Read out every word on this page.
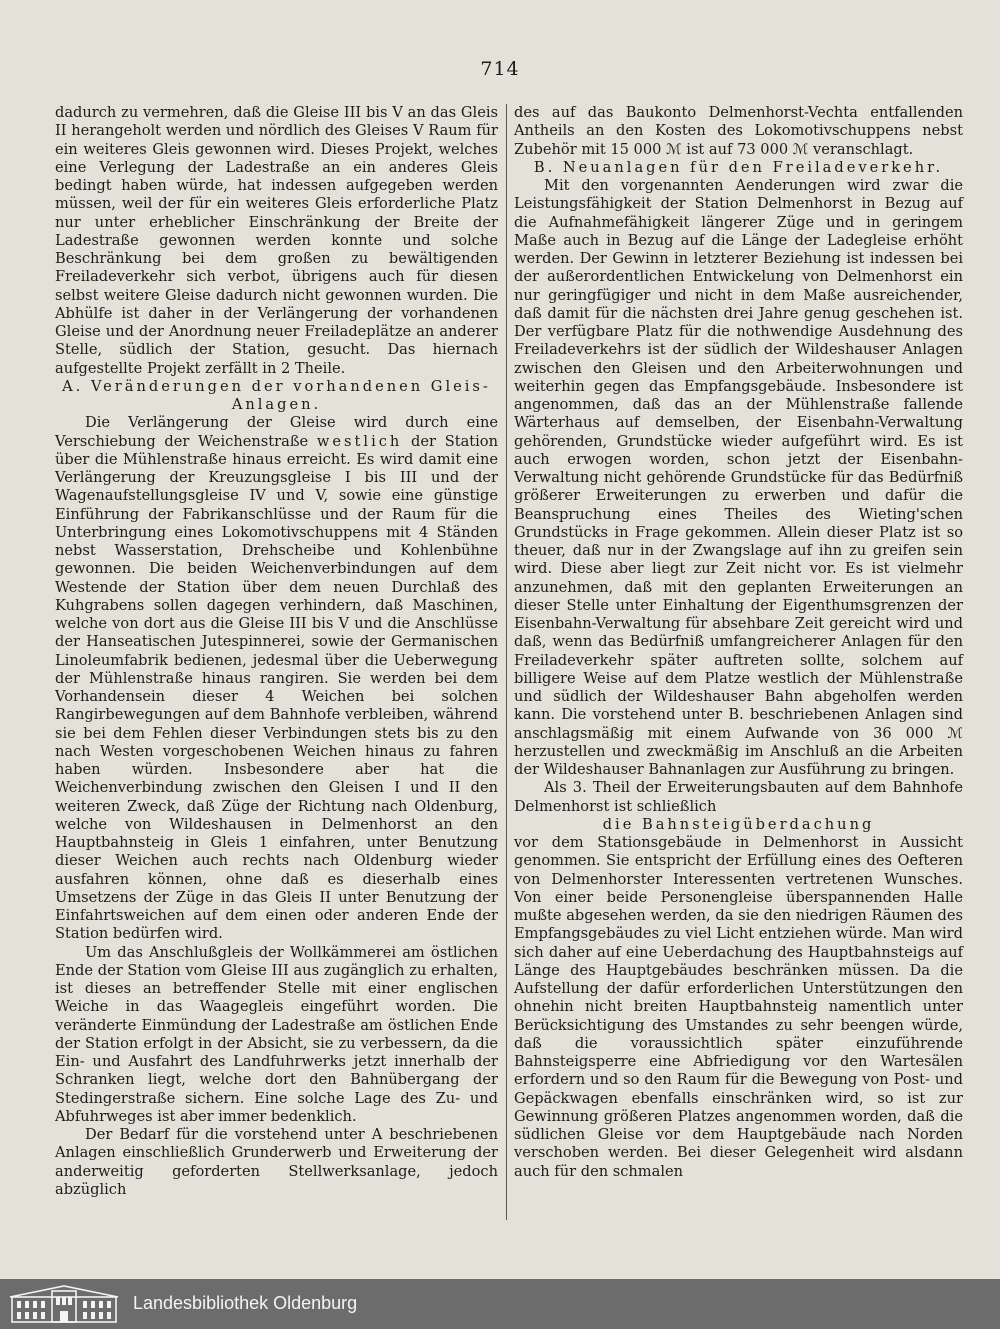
714

dadurch zu vermehren, daß die Gleise III bis V an das Gleis II herangeholt werden und nördlich des Gleises V Raum für ein weiteres Gleis gewonnen wird. Dieses Projekt, welches eine Verlegung der Ladestraße an ein anderes Gleis bedingt haben würde, hat indessen aufgegeben werden müssen, weil der für ein weiteres Gleis erforderliche Platz nur unter erheblicher Einschränkung der Breite der Ladestraße gewonnen werden konnte und solche Beschränkung bei dem großen zu bewältigenden Freiladeverkehr sich verbot, übrigens auch für diesen selbst weitere Gleise dadurch nicht gewonnen wurden. Die Abhülfe ist daher in der Verlängerung der vorhandenen Gleise und der Anordnung neuer Freiladeplätze an anderer Stelle, südlich der Station, gesucht. Das hiernach aufgestellte Projekt zerfällt in 2 Theile.

A. Veränderungen der vorhandenen Gleis-Anlagen.

Die Verlängerung der Gleise wird durch eine Verschiebung der Weichenstraße westlich der Station über die Mühlenstraße hinaus erreicht. Es wird damit eine Verlängerung der Kreuzungsgleise I bis III und der Wagenaufstellungsgleise IV und V, sowie eine günstige Einführung der Fabrikanschlüsse und der Raum für die Unterbringung eines Lokomotivschuppens mit 4 Ständen nebst Wasserstation, Drehscheibe und Kohlenbühne gewonnen. Die beiden Weichenverbindungen auf dem Westende der Station über dem neuen Durchlaß des Kuhgrabens sollen dagegen verhindern, daß Maschinen, welche von dort aus die Gleise III bis V und die Anschlüsse der Hanseatischen Jutespinnerei, sowie der Germanischen Linoleumfabrik bedienen, jedesmal über die Ueberwegung der Mühlenstraße hinaus rangiren. Sie werden bei dem Vorhandensein dieser 4 Weichen bei solchen Rangirbewegungen auf dem Bahnhofe verbleiben, während sie bei dem Fehlen dieser Verbindungen stets bis zu den nach Westen vorgeschobenen Weichen hinaus zu fahren haben würden. Insbesondere aber hat die Weichenverbindung zwischen den Gleisen I und II den weiteren Zweck, daß Züge der Richtung nach Oldenburg, welche von Wildeshausen in Delmenhorst an den Hauptbahnsteig in Gleis 1 einfahren, unter Benutzung dieser Weichen auch rechts nach Oldenburg wieder ausfahren können, ohne daß es dieserhalb eines Umsetzens der Züge in das Gleis II unter Benutzung der Einfahrtsweichen auf dem einen oder anderen Ende der Station bedürfen wird.

Um das Anschlußgleis der Wollkämmerei am östlichen Ende der Station vom Gleise III aus zugänglich zu erhalten, ist dieses an betreffender Stelle mit einer englischen Weiche in das Waagegleis eingeführt worden. Die veränderte Einmündung der Ladestraße am östlichen Ende der Station erfolgt in der Absicht, sie zu verbessern, da die Ein- und Ausfahrt des Landfuhrwerks jetzt innerhalb der Schranken liegt, welche dort den Bahnübergang der Stedingerstraße sichern. Eine solche Lage des Zu- und Abfuhrweges ist aber immer bedenklich.

Der Bedarf für die vorstehend unter A beschriebenen Anlagen einschließlich Grunderwerb und Erweiterung der anderweitig geforderten Stellwerksanlage, jedoch abzüglich

des auf das Baukonto Delmenhorst-Vechta entfallenden Antheils an den Kosten des Lokomotivschuppens nebst Zubehör mit 15 000 ℳ ist auf 73 000 ℳ veranschlagt.

B. Neuanlagen für den Freiladeverkehr.

Mit den vorgenannten Aenderungen wird zwar die Leistungsfähigkeit der Station Delmenhorst in Bezug auf die Aufnahmefähigkeit längerer Züge und in geringem Maße auch in Bezug auf die Länge der Ladegleise erhöht werden. Der Gewinn in letzterer Beziehung ist indessen bei der außerordentlichen Entwickelung von Delmenhorst ein nur geringfügiger und nicht in dem Maße ausreichender, daß damit für die nächsten drei Jahre genug geschehen ist. Der verfügbare Platz für die nothwendige Ausdehnung des Freiladeverkehrs ist der südlich der Wildeshauser Anlagen zwischen den Gleisen und den Arbeiterwohnungen und weiterhin gegen das Empfangsgebäude. Insbesondere ist angenommen, daß das an der Mühlenstraße fallende Wärterhaus auf demselben, der Eisenbahn-Verwaltung gehörenden, Grundstücke wieder aufgeführt wird. Es ist auch erwogen worden, schon jetzt der Eisenbahn-Verwaltung nicht gehörende Grundstücke für das Bedürfniß größerer Erweiterungen zu erwerben und dafür die Beanspruchung eines Theiles des Wieting'schen Grundstücks in Frage gekommen. Allein dieser Platz ist so theuer, daß nur in der Zwangslage auf ihn zu greifen sein wird. Diese aber liegt zur Zeit nicht vor. Es ist vielmehr anzunehmen, daß mit den geplanten Erweiterungen an dieser Stelle unter Einhaltung der Eigenthumsgrenzen der Eisenbahn-Verwaltung für absehbare Zeit gereicht wird und daß, wenn das Bedürfniß umfangreicherer Anlagen für den Freiladeverkehr später auftreten sollte, solchem auf billigere Weise auf dem Platze westlich der Mühlenstraße und südlich der Wildeshauser Bahn abgeholfen werden kann. Die vorstehend unter B. beschriebenen Anlagen sind anschlagsmäßig mit einem Aufwande von 36 000 ℳ herzustellen und zweckmäßig im Anschluß an die Arbeiten der Wildeshauser Bahnanlagen zur Ausführung zu bringen.

Als 3. Theil der Erweiterungsbauten auf dem Bahnhofe Delmenhorst ist schließlich

die Bahnsteigüberdachung

vor dem Stationsgebäude in Delmenhorst in Aussicht genommen. Sie entspricht der Erfüllung eines des Oefteren von Delmenhorster Interessenten vertretenen Wunsches. Von einer beide Personengleise überspannenden Halle mußte abgesehen werden, da sie den niedrigen Räumen des Empfangsgebäudes zu viel Licht entziehen würde. Man wird sich daher auf eine Ueberdachung des Hauptbahnsteigs auf Länge des Hauptgebäudes beschränken müssen. Da die Aufstellung der dafür erforderlichen Unterstützungen den ohnehin nicht breiten Hauptbahnsteig namentlich unter Berücksichtigung des Umstandes zu sehr beengen würde, daß die voraussichtlich später einzuführende Bahnsteigsperre eine Abfriedigung vor den Wartesälen erfordern und so den Raum für die Bewegung von Post- und Gepäckwagen ebenfalls einschränken wird, so ist zur Gewinnung größeren Platzes angenommen worden, daß die südlichen Gleise vor dem Hauptgebäude nach Norden verschoben werden. Bei dieser Gelegenheit wird alsdann auch für den schmalen

Landesbibliothek Oldenburg
